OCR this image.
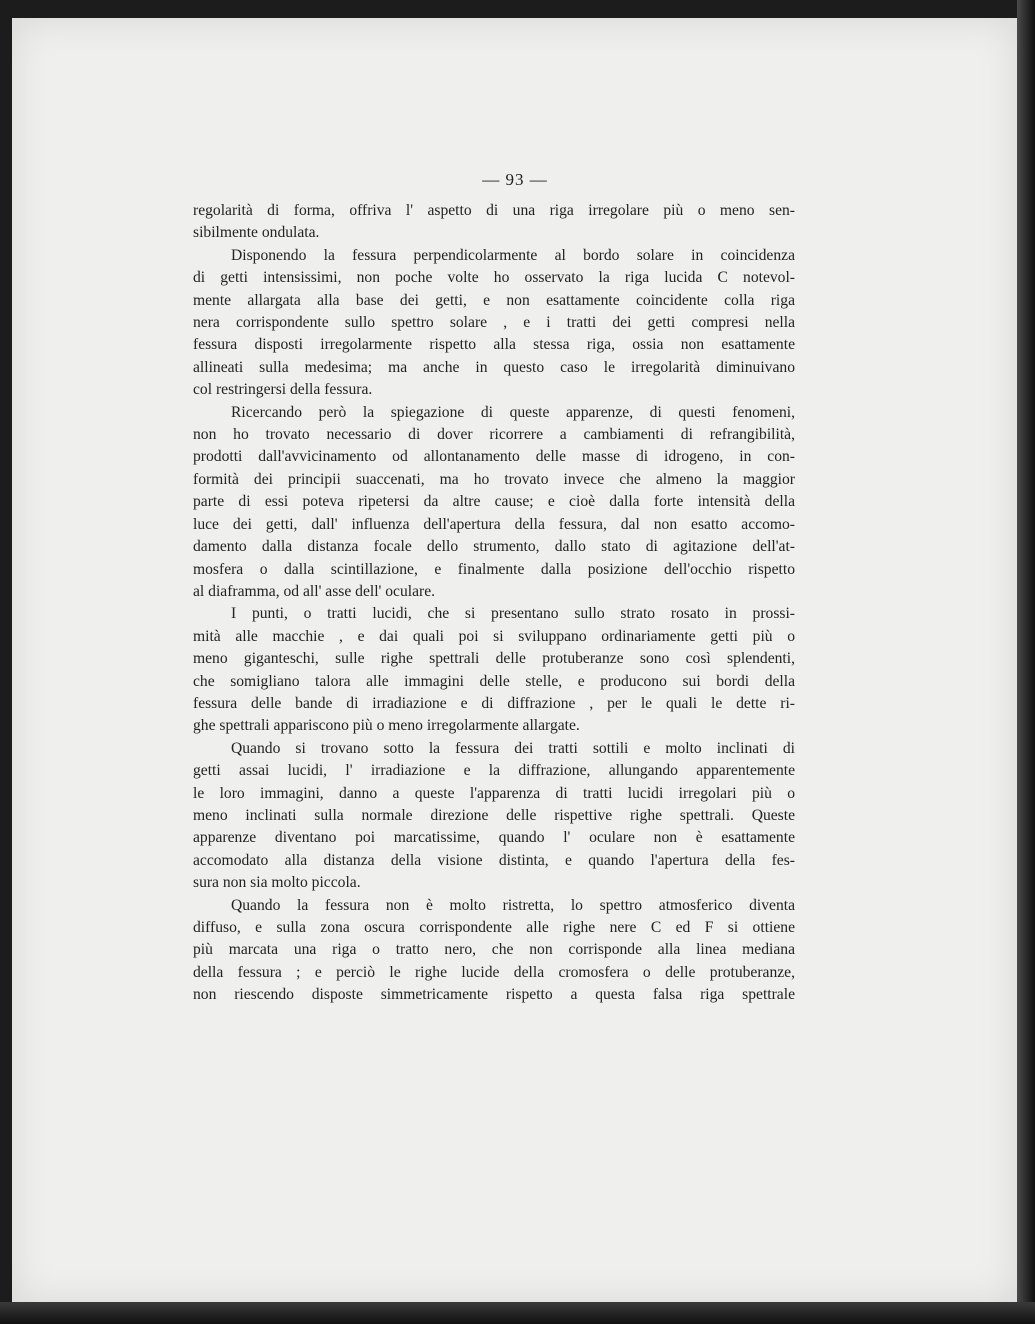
— 93 —
regolarità di forma, offriva l' aspetto di una riga irregolare più o meno sen-
sibilmente ondulata.
Disponendo la fessura perpendicolarmente al bordo solare in coincidenza
di getti intensissimi, non poche volte ho osservato la riga lucida C notevol-
mente allargata alla base dei getti, e non esattamente coincidente colla riga
nera corrispondente sullo spettro solare , e i tratti dei getti compresi nella
fessura disposti irregolarmente rispetto alla stessa riga, ossia non esattamente
allineati sulla medesima; ma anche in questo caso le irregolarità diminuivano
col restringersi della fessura.
Ricercando però la spiegazione di queste apparenze, di questi fenomeni,
non ho trovato necessario di dover ricorrere a cambiamenti di refrangibilità,
prodotti dall'avvicinamento od allontanamento delle masse di idrogeno, in con-
formità dei principii suaccenati, ma ho trovato invece che almeno la maggior
parte di essi poteva ripetersi da altre cause; e cioè dalla forte intensità della
luce dei getti, dall' influenza dell'apertura della fessura, dal non esatto accomo-
damento dalla distanza focale dello strumento, dallo stato di agitazione dell'at-
mosfera o dalla scintillazione, e finalmente dalla posizione dell'occhio rispetto
al diaframma, od all' asse dell' oculare.
I punti, o tratti lucidi, che si presentano sullo strato rosato in prossi-
mità alle macchie , e dai quali poi si sviluppano ordinariamente getti più o
meno giganteschi, sulle righe spettrali delle protuberanze sono così splendenti,
che somigliano talora alle immagini delle stelle, e producono sui bordi della
fessura delle bande di irradiazione e di diffrazione , per le quali le dette ri-
ghe spettrali appariscono più o meno irregolarmente allargate.
Quando si trovano sotto la fessura dei tratti sottili e molto inclinati di
getti assai lucidi, l' irradiazione e la diffrazione, allungando apparentemente
le loro immagini, danno a queste l'apparenza di tratti lucidi irregolari più o
meno inclinati sulla normale direzione delle rispettive righe spettrali. Queste
apparenze diventano poi marcatissime, quando l' oculare non è esattamente
accomodato alla distanza della visione distinta, e quando l'apertura della fes-
sura non sia molto piccola.
Quando la fessura non è molto ristretta, lo spettro atmosferico diventa
diffuso, e sulla zona oscura corrispondente alle righe nere C ed F si ottiene
più marcata una riga o tratto nero, che non corrisponde alla linea mediana
della fessura ; e perciò le righe lucide della cromosfera o delle protuberanze,
non riescendo disposte simmetricamente rispetto a questa falsa riga spettrale
